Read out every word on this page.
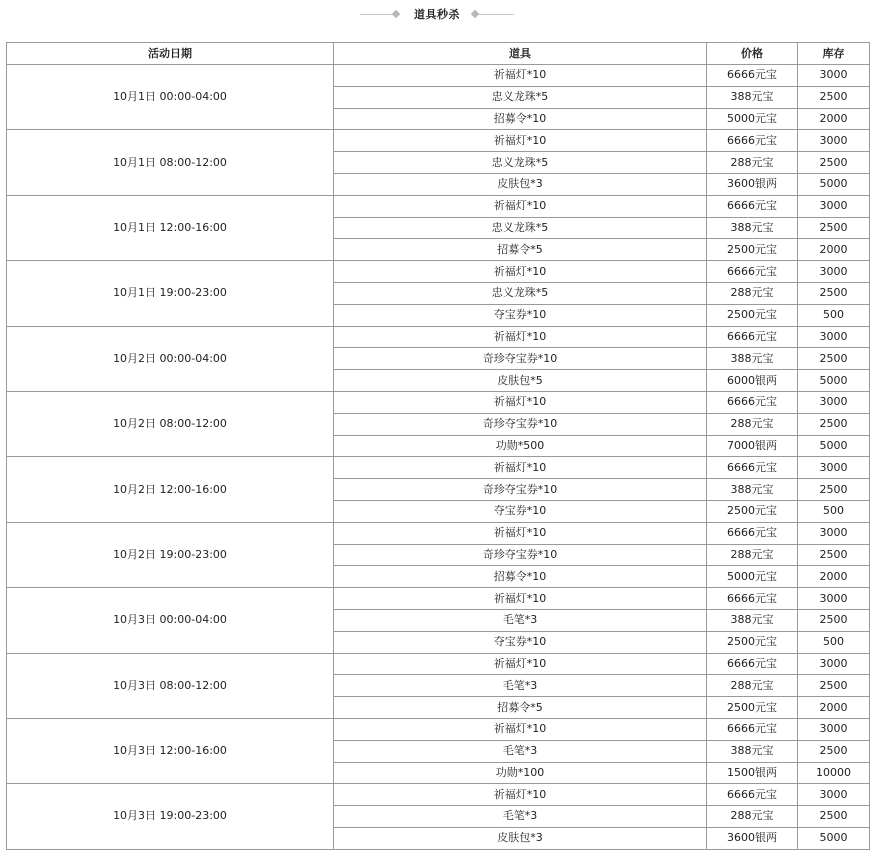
道具秒杀
活动日期	道具	价格	库存
10月1日 00:00-04:00	祈福灯*10	6666元宝	3000
	忠义龙珠*5	388元宝	2500
	招募令*10	5000元宝	2000
10月1日 08:00-12:00	祈福灯*10	6666元宝	3000
	忠义龙珠*5	288元宝	2500
	皮肤包*3	3600银两	5000
10月1日 12:00-16:00	祈福灯*10	6666元宝	3000
	忠义龙珠*5	388元宝	2500
	招募令*5	2500元宝	2000
10月1日 19:00-23:00	祈福灯*10	6666元宝	3000
	忠义龙珠*5	288元宝	2500
	夺宝券*10	2500元宝	500
10月2日 00:00-04:00	祈福灯*10	6666元宝	3000
	奇珍夺宝券*10	388元宝	2500
	皮肤包*5	6000银两	5000
10月2日 08:00-12:00	祈福灯*10	6666元宝	3000
	奇珍夺宝券*10	288元宝	2500
	功勋*500	7000银两	5000
10月2日 12:00-16:00	祈福灯*10	6666元宝	3000
	奇珍夺宝券*10	388元宝	2500
	夺宝券*10	2500元宝	500
10月2日 19:00-23:00	祈福灯*10	6666元宝	3000
	奇珍夺宝券*10	288元宝	2500
	招募令*10	5000元宝	2000
10月3日 00:00-04:00	祈福灯*10	6666元宝	3000
	毛笔*3	388元宝	2500
	夺宝券*10	2500元宝	500
10月3日 08:00-12:00	祈福灯*10	6666元宝	3000
	毛笔*3	288元宝	2500
	招募令*5	2500元宝	2000
10月3日 12:00-16:00	祈福灯*10	6666元宝	3000
	毛笔*3	388元宝	2500
	功勋*100	1500银两	10000
10月3日 19:00-23:00	祈福灯*10	6666元宝	3000
	毛笔*3	288元宝	2500
	皮肤包*3	3600银两	5000
